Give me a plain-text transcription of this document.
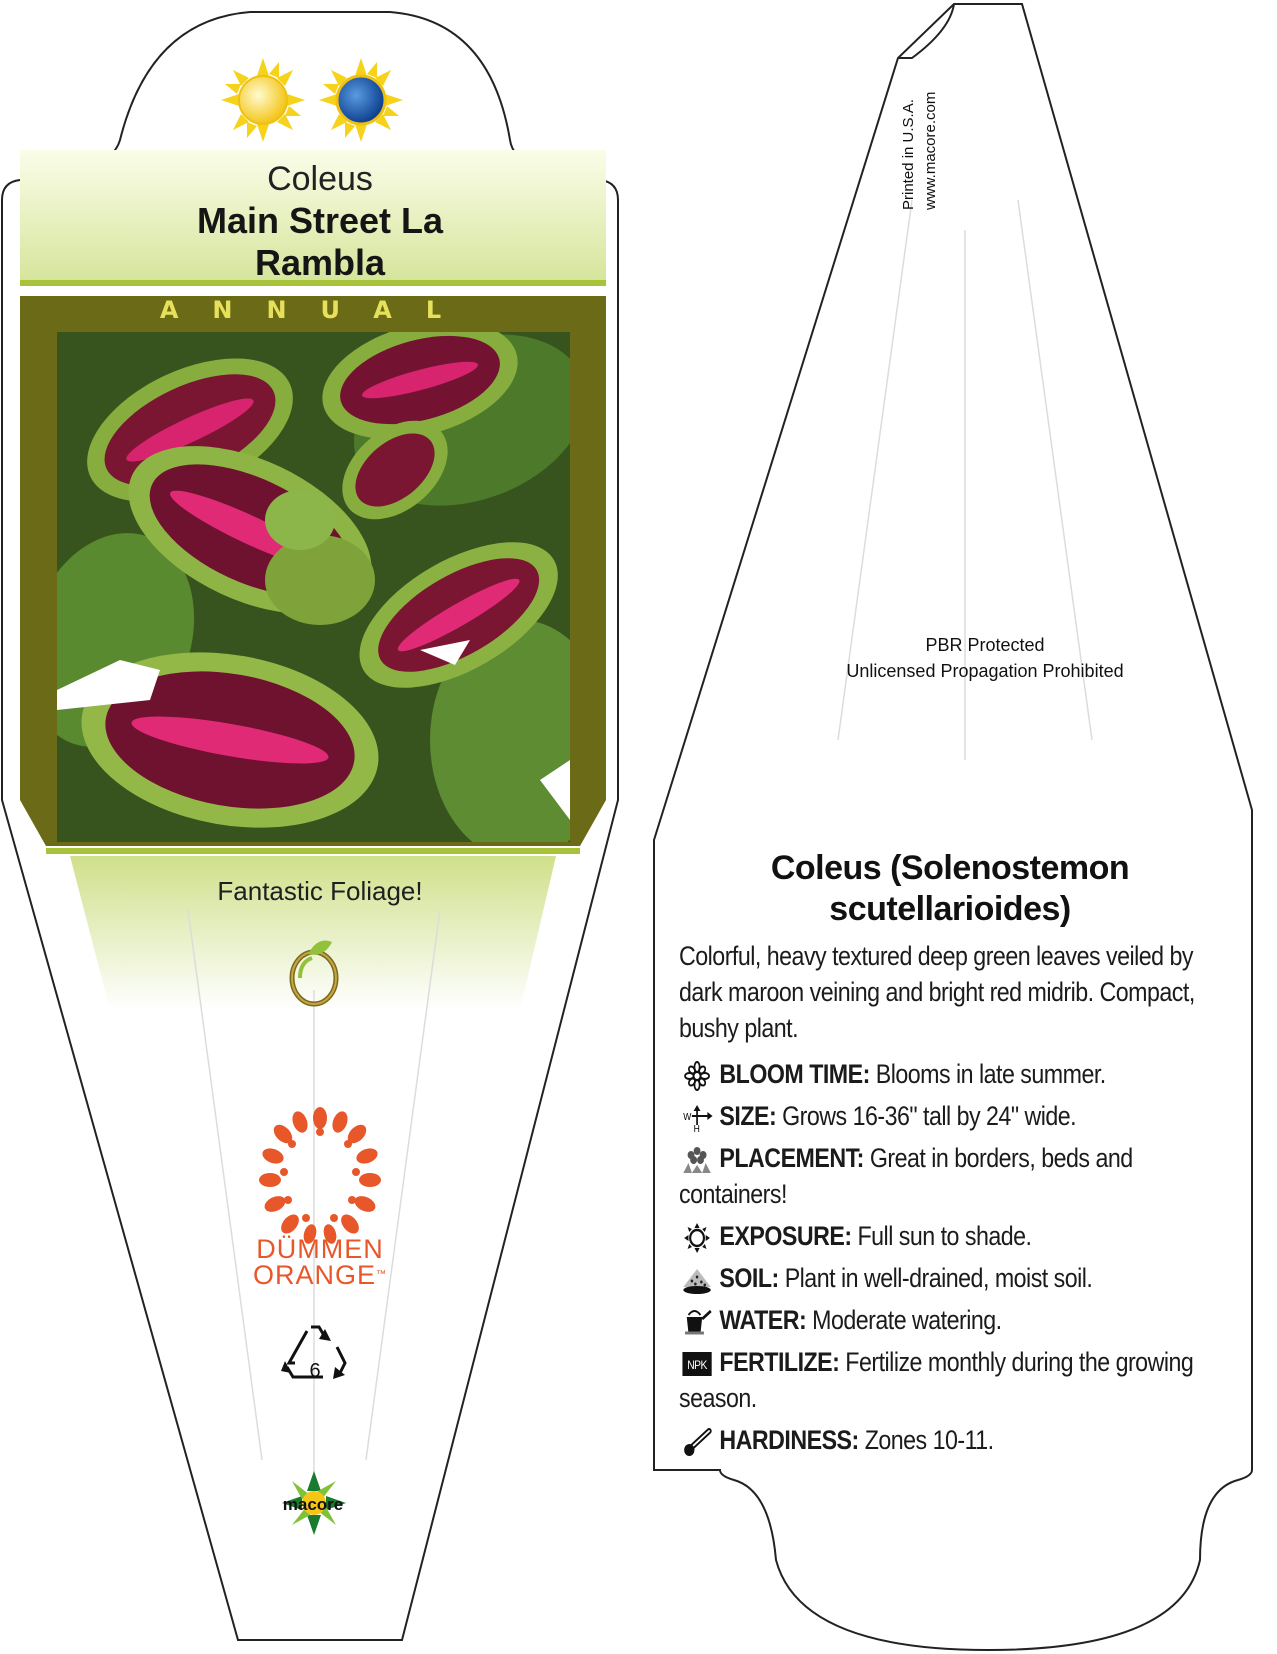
Coleus
Main Street La
Rambla
ANNUAL
Fantastic Foliage!
DÜMMEN
ORANGE™
6
macore
Printed in U.S.A. www.macore.com
PBR Protected
Unlicensed Propagation Prohibited
Coleus (Solenostemon
scutellarioides)
Colorful, heavy textured deep green leaves veiled by dark maroon veining and bright red midrib. Compact, bushy plant.
BLOOM TIME: Blooms in late summer.
W
H SIZE: Grows 16-36" tall by 24" wide.
PLACEMENT: Great in borders, beds and containers!
EXPOSURE: Full sun to shade.
SOIL: Plant in well-drained, moist soil.
WATER: Moderate watering.
NPK FERTILIZE: Fertilize monthly during the growing season.
HARDINESS: Zones 10-11.
